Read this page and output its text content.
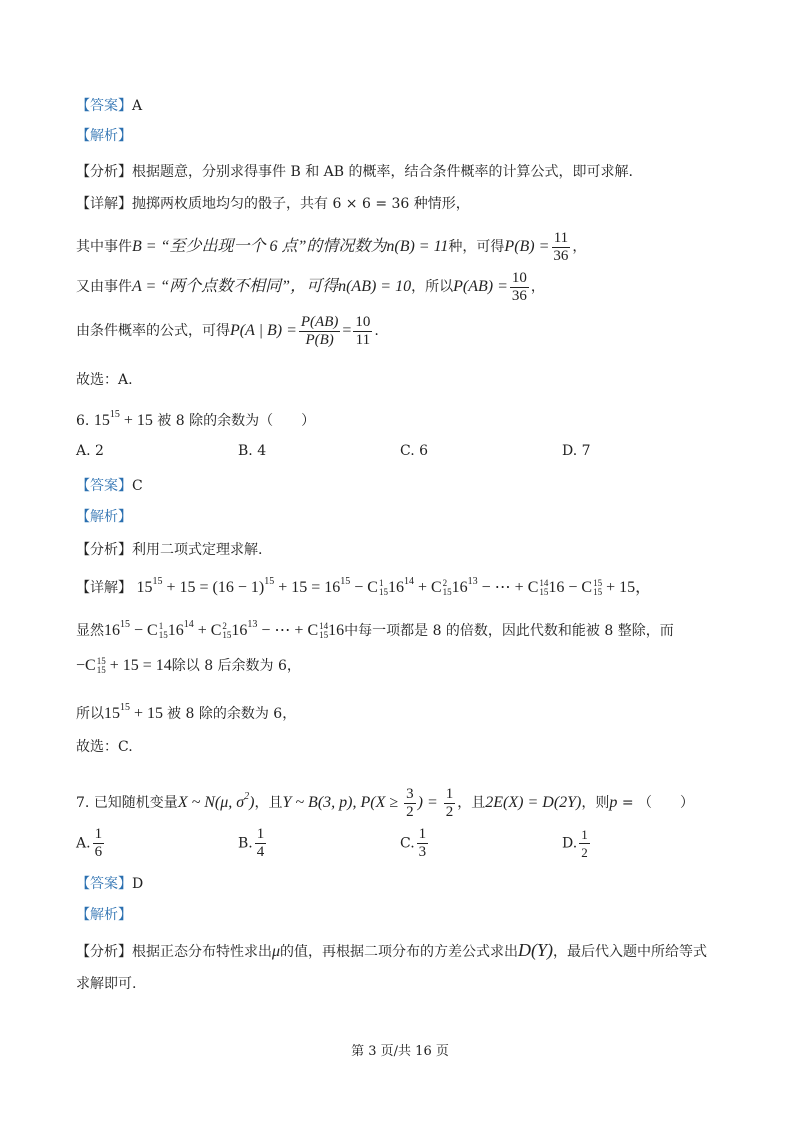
【答案】A
【解析】
【分析】根据题意，分别求得事件 B 和 AB 的概率，结合条件概率的计算公式，即可求解.
【详解】抛掷两枚质地均匀的骰子，共有 6 × 6 = 36 种情形，
其中事件B = “至少出现一个 6 点”的情况数为n(B) = 11种，可得$P(B) = \frac{11}{36}$ ，
又由事件A = “两个点数不相同”，可得n(AB) = 10，所以$P(AB) = \frac{10}{36}$ ，
由条件概率的公式，可得P(A | $B) = \frac{P(AB)}{P(B)} = \frac{10}{11}$ .
故选：A.
6. $15^{15} + 15$ 被 8 除的余数为（　　）
A. 2	B. 4	C. 6	D. 7
【答案】C
【解析】
【分析】利用二项式定理求解.
【详解】 $15^{15} + 15 = (16 - 1)^{15} + 15 = 16^{15} - C$ 1
15 $16^{14} + C$ 2
15 $16^{13}$ − ⋯ + C 14
15 16 − C 15
15 + 15，
显然$16^{15} - C$ 1
15 $16^{14} + C$ 2
15 $16^{13}$ − ⋯ + C 14
15 16中每一项都是 8 的倍数，因此代数和能被 8 整除，而
−C 15
15 + 15 = 14除以 8 后余数为 6，
所以$15^{15} + 15$ 被 8 除的余数为 6，
故选：C.
7. 已知随机变量X ~ N(μ, $\sigma^2$)，且Y ~ B(3, p), $P(X \ge \frac{3}{2}$ ) = $\frac{1}{2}$ ，且2E(X) = D(2Y)，则p = （　　）
A. $\frac{1}{6}$	B. $\frac{1}{4}$	C. $\frac{1}{3}$	D. $\frac{1}{2}$
【答案】D
【解析】
【分析】根据正态分布特性求出μ的值，再根据二项分布的方差公式求出D(Y)，最后代入题中所给等式
求解即可.
第 3 页/共 16 页
